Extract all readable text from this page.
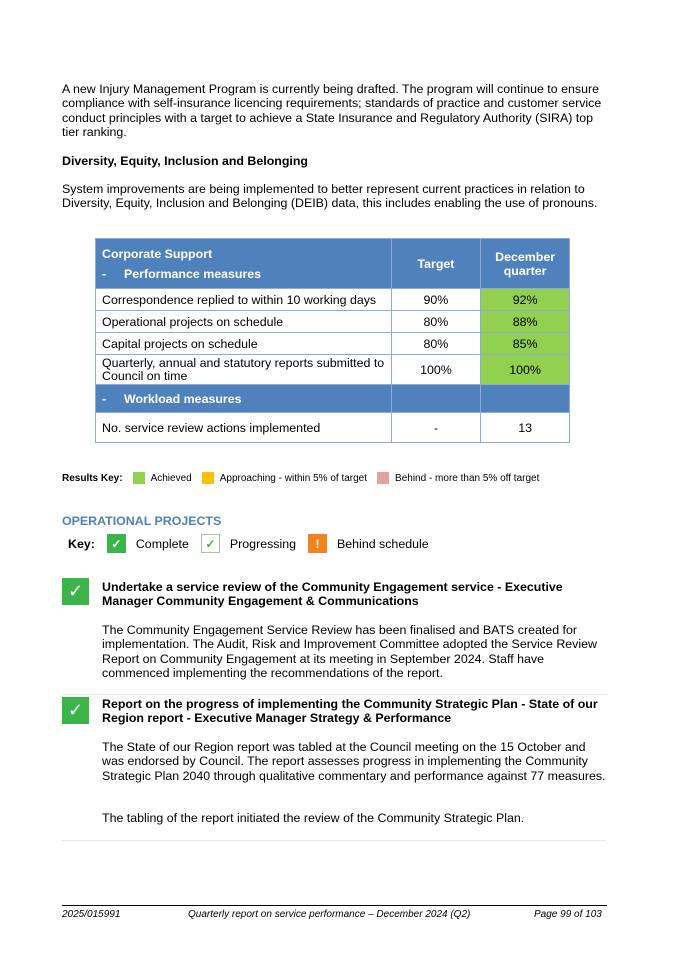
A new Injury Management Program is currently being drafted. The program will continue to ensure compliance with self-insurance licencing requirements; standards of practice and customer service conduct principles with a target to achieve a State Insurance and Regulatory Authority (SIRA) top tier ranking.
Diversity, Equity, Inclusion and Belonging
System improvements are being implemented to better represent current practices in relation to Diversity, Equity, Inclusion and Belonging (DEIB) data, this includes enabling the use of pronouns.
Corporate Support
- Performance measures	Target	December quarter
Correspondence replied to within 10 working days	90%	92%
Operational projects on schedule	80%	88%
Capital projects on schedule	80%	85%
Quarterly, annual and statutory reports submitted to Council on time	100%	100%
- Workload measures		
No. service review actions implemented	-	13
Results Key:	Achieved	Approaching - within 5% of target	Behind - more than 5% off target
OPERATIONAL PROJECTS
Key:	✓	Complete	✓	Progressing	!	Behind schedule
✓	Undertake a service review of the Community Engagement service - Executive Manager Community Engagement & Communications
The Community Engagement Service Review has been finalised and BATS created for implementation. The Audit, Risk and Improvement Committee adopted the Service Review Report on Community Engagement at its meeting in September 2024. Staff have commenced implementing the recommendations of the report.
✓	Report on the progress of implementing the Community Strategic Plan - State of our Region report - Executive Manager Strategy & Performance
The State of our Region report was tabled at the Council meeting on the 15 October and was endorsed by Council. The report assesses progress in implementing the Community Strategic Plan 2040 through qualitative commentary and performance against 77 measures.
The tabling of the report initiated the review of the Community Strategic Plan.
2025/015991	Quarterly report on service performance – December 2024 (Q2)	Page 99 of 103
